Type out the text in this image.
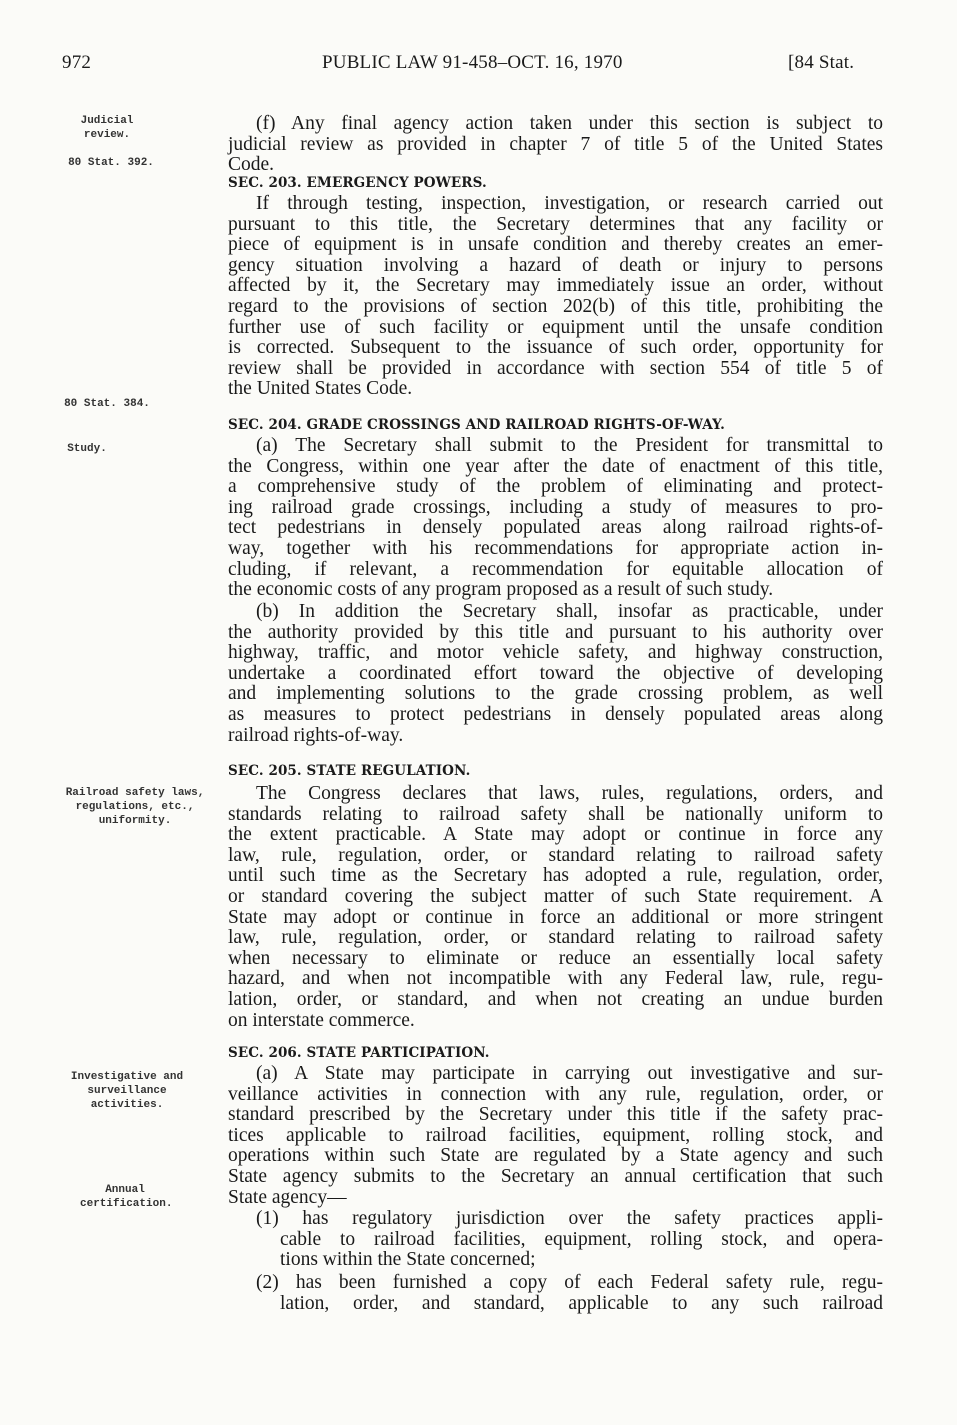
972	PUBLIC LAW 91-458–OCT. 16, 1970	[84 Stat.
Judicial review.
80 Stat. 392.
80 Stat. 384.
Study.
Railroad safety laws, regulations, etc., uniformity.
Investigative and surveillance activities.
Annual certification.
(f) Any final agency action taken under this section is subject to
judicial review as provided in chapter 7 of title 5 of the United States
Code.
SEC. 203. EMERGENCY POWERS.
If through testing, inspection, investigation, or research carried out
pursuant to this title, the Secretary determines that any facility or
piece of equipment is in unsafe condition and thereby creates an emer-
gency situation involving a hazard of death or injury to persons
affected by it, the Secretary may immediately issue an order, without
regard to the provisions of section 202(b) of this title, prohibiting the
further use of such facility or equipment until the unsafe condition
is corrected. Subsequent to the issuance of such order, opportunity for
review shall be provided in accordance with section 554 of title 5 of
the United States Code.
SEC. 204. GRADE CROSSINGS AND RAILROAD RIGHTS-OF-WAY.
(a) The Secretary shall submit to the President for transmittal to
the Congress, within one year after the date of enactment of this title,
a comprehensive study of the problem of eliminating and protect-
ing railroad grade crossings, including a study of measures to pro-
tect pedestrians in densely populated areas along railroad rights-of-
way, together with his recommendations for appropriate action in-
cluding, if relevant, a recommendation for equitable allocation of
the economic costs of any program proposed as a result of such study.
(b) In addition the Secretary shall, insofar as practicable, under
the authority provided by this title and pursuant to his authority over
highway, traffic, and motor vehicle safety, and highway construction,
undertake a coordinated effort toward the objective of developing
and implementing solutions to the grade crossing problem, as well
as measures to protect pedestrians in densely populated areas along
railroad rights-of-way.
SEC. 205. STATE REGULATION.
The Congress declares that laws, rules, regulations, orders, and
standards relating to railroad safety shall be nationally uniform to
the extent practicable. A State may adopt or continue in force any
law, rule, regulation, order, or standard relating to railroad safety
until such time as the Secretary has adopted a rule, regulation, order,
or standard covering the subject matter of such State requirement. A
State may adopt or continue in force an additional or more stringent
law, rule, regulation, order, or standard relating to railroad safety
when necessary to eliminate or reduce an essentially local safety
hazard, and when not incompatible with any Federal law, rule, regu-
lation, order, or standard, and when not creating an undue burden
on interstate commerce.
SEC. 206. STATE PARTICIPATION.
(a) A State may participate in carrying out investigative and sur-
veillance activities in connection with any rule, regulation, order, or
standard prescribed by the Secretary under this title if the safety prac-
tices applicable to railroad facilities, equipment, rolling stock, and
operations within such State are regulated by a State agency and such
State agency submits to the Secretary an annual certification that such
State agency—
(1) has regulatory jurisdiction over the safety practices appli-
cable to railroad facilities, equipment, rolling stock, and opera-
tions within the State concerned;
(2) has been furnished a copy of each Federal safety rule, regu-
lation, order, and standard, applicable to any such railroad
